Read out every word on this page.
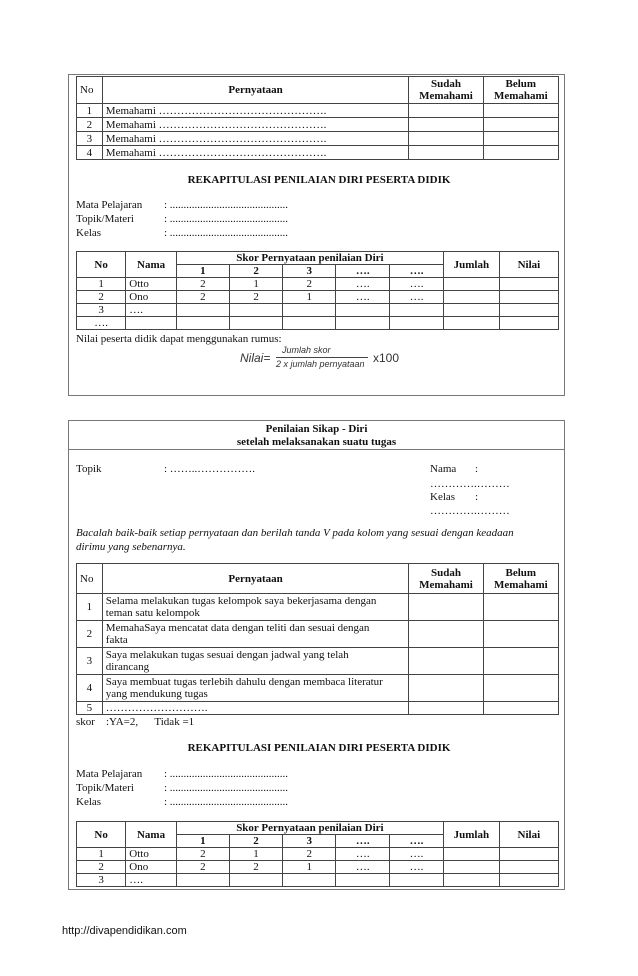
No	Pernyataan	Sudah Memahami	Belum Memahami
1	Memahami ……………………………………….		
2	Memahami ……………………………………….		
3	Memahami ……………………………………….		
4	Memahami ……………………………………….		
REKAPITULASI PENILAIAN DIRI PESERTA DIDIK
Mata Pelajaran : ...........................................
Topik/Materi	: ...........................................
Kelas	: ...........................................
No	Nama	Skor Pernyataan penilaian Diri					Jumlah	Nilai
		1	2	3	….	….		
1	Otto	2	1	2	….	….		
2	Ono	2	2	1	….	….		
3	….							
….								
Nilai peserta didik dapat menggunakan rumus:
Nilai=
Jumlah skor
2 x jumlah pernyataan x100
Penilaian Sikap - Diri
setelah melaksanakan suatu tugas
Topik	: ……..…………….	Nama :
………….………
Kelas :
………….………
Bacalah baik-baik setiap pernyataan dan berilah tanda V pada kolom yang sesuai dengan keadaan
dirimu yang sebenarnya.
No	Pernyataan	Sudah Memahami	Belum Memahami
1	Selama melakukan tugas kelompok saya bekerjasama dengan
teman satu kelompok		

2	MemahaSaya mencatat data dengan teliti dan sesuai dengan
fakta		

3	Saya melakukan tugas sesuai dengan jadwal yang telah
dirancang		

4	Saya membuat tugas terlebih dahulu dengan membaca literatur
yang mendukung tugas		

5	……………………….		
skor    :YA=2,      Tidak =1
REKAPITULASI PENILAIAN DIRI PESERTA DIDIK
Mata Pelajaran : ...........................................
Topik/Materi	: ...........................................
Kelas	: ...........................................
No	Nama	Skor Pernyataan penilaian Diri					Jumlah	Nilai
		1	2	3	….	….		
1	Otto	2	1	2	….	….		
2	Ono	2	2	1	….	….		
3	….							
http://divapendidikan.com
